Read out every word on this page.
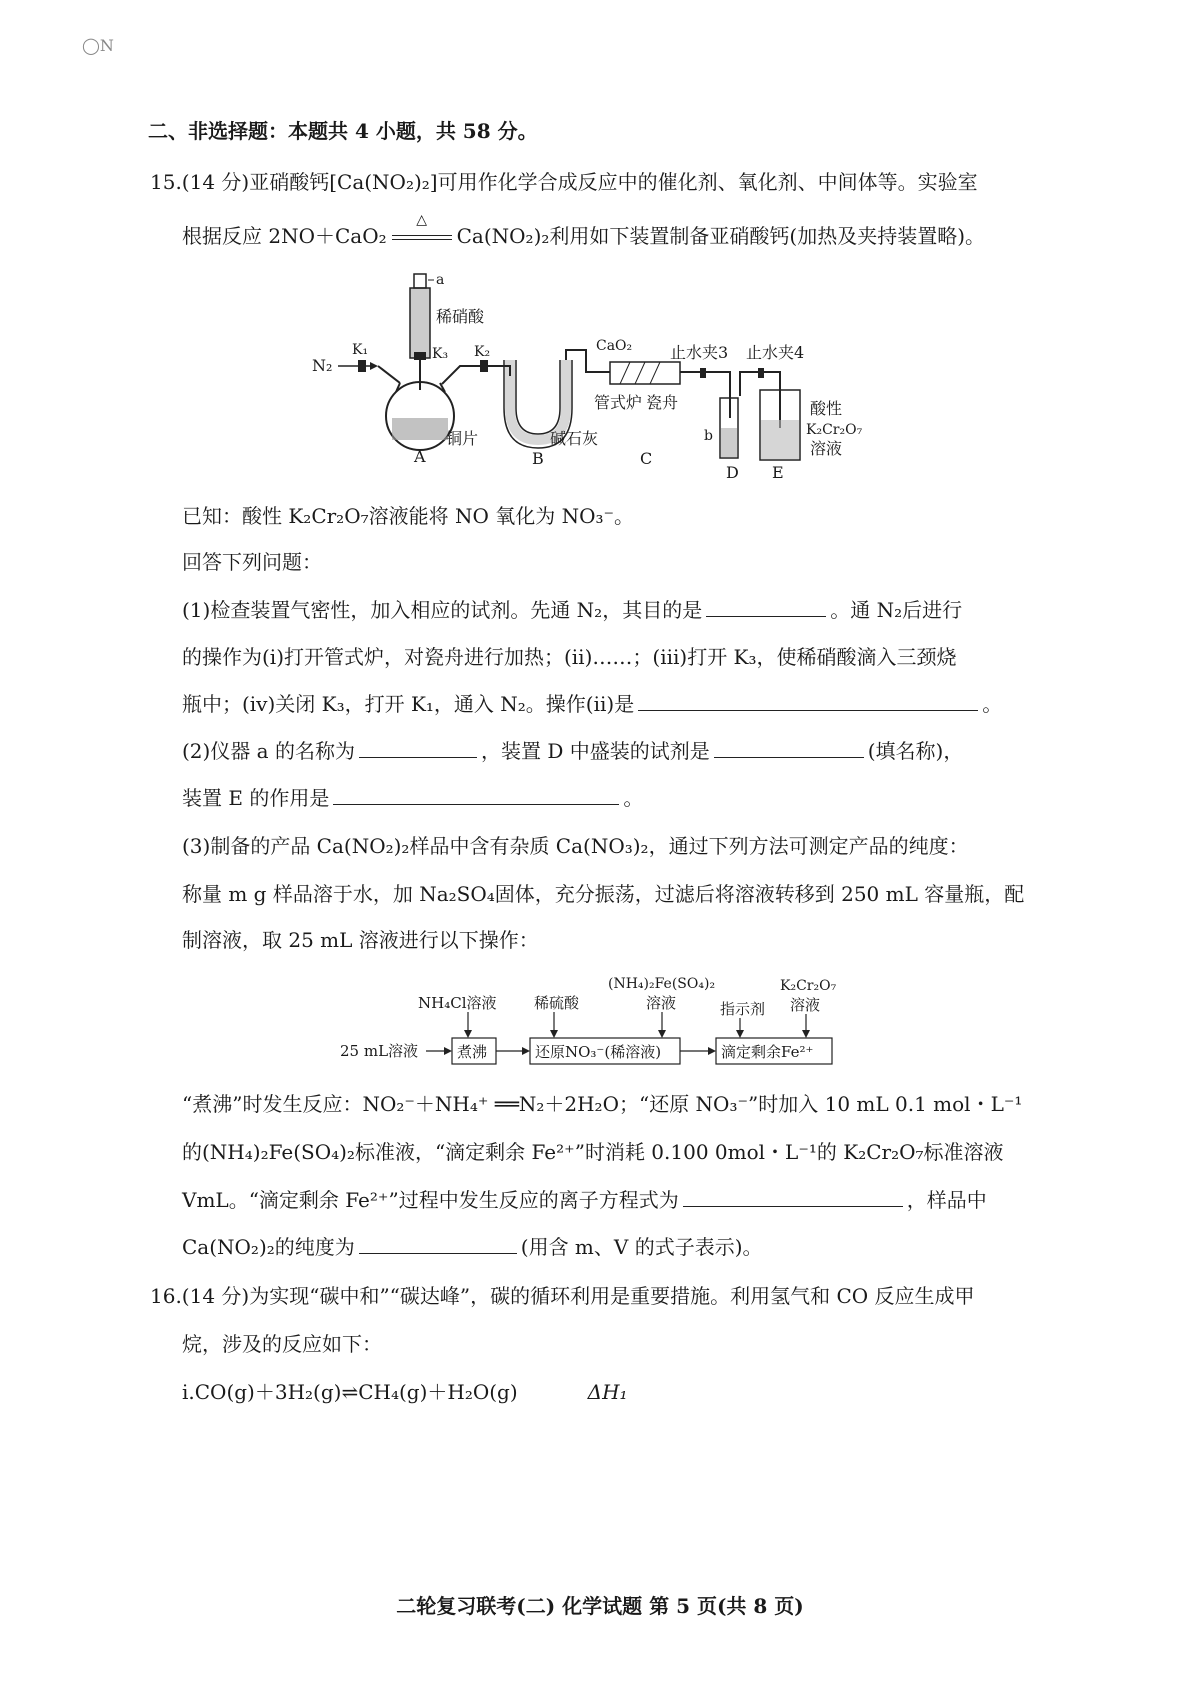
◯N
二、非选择题：本题共 4 小题，共 58 分。
15.(14 分)亚硝酸钙[Ca(NO₂)₂]可用作化学合成反应中的催化剂、氧化剂、中间体等。实验室
根据反应 2NO＋CaO₂
△
Ca(NO₂)₂利用如下装置制备亚硝酸钙(加热及夹持装置略)。
N₂
K₁
a
稀硝酸
K₃
铜片
A
K₂
碱石灰
B
CaO₂
管式炉 瓷舟
C
止水夹3
b
D
止水夹4
酸性
K₂Cr₂O₇
溶液
E
已知：酸性 K₂Cr₂O₇溶液能将 NO 氧化为 NO₃⁻。
回答下列问题：
(1)检查装置气密性，加入相应的试剂。先通 N₂，其目的是	。通 N₂后进行
的操作为(ⅰ)打开管式炉，对瓷舟进行加热；(ⅱ)……；(ⅲ)打开 K₃，使稀硝酸滴入三颈烧
瓶中；(ⅳ)关闭 K₃，打开 K₁，通入 N₂。操作(ⅱ)是	。
(2)仪器 a 的名称为	，装置 D 中盛装的试剂是	(填名称)，
装置 E 的作用是	。
(3)制备的产品 Ca(NO₂)₂样品中含有杂质 Ca(NO₃)₂，通过下列方法可测定产品的纯度：
称量 m g 样品溶于水，加 Na₂SO₄固体，充分振荡，过滤后将溶液转移到 250 mL 容量瓶，配
制溶液，取 25 mL 溶液进行以下操作：
NH₄Cl溶液	稀硫酸
(NH₄)₂Fe(SO₄)₂
溶液	指示剂
K₂Cr₂O₇
溶液
25 mL溶液	煮沸	还原NO₃⁻(稀溶液)	滴定剩余Fe²⁺
“煮沸”时发生反应：NO₂⁻＋NH₄⁺ ══N₂＋2H₂O；“还原 NO₃⁻”时加入 10 mL 0.1 mol・L⁻¹
的(NH₄)₂Fe(SO₄)₂标准液，“滴定剩余 Fe²⁺”时消耗 0.100 0mol・L⁻¹的 K₂Cr₂O₇标准溶液
VmL。“滴定剩余 Fe²⁺”过程中发生反应的离子方程式为	，样品中
Ca(NO₂)₂的纯度为	(用含 m、V 的式子表示)。
16.(14 分)为实现“碳中和”“碳达峰”，碳的循环利用是重要措施。利用氢气和 CO 反应生成甲
烷，涉及的反应如下：
ⅰ.CO(g)＋3H₂(g)⇌CH₄(g)＋H₂O(g)	ΔH₁
二轮复习联考(二) 化学试题 第 5 页(共 8 页)
